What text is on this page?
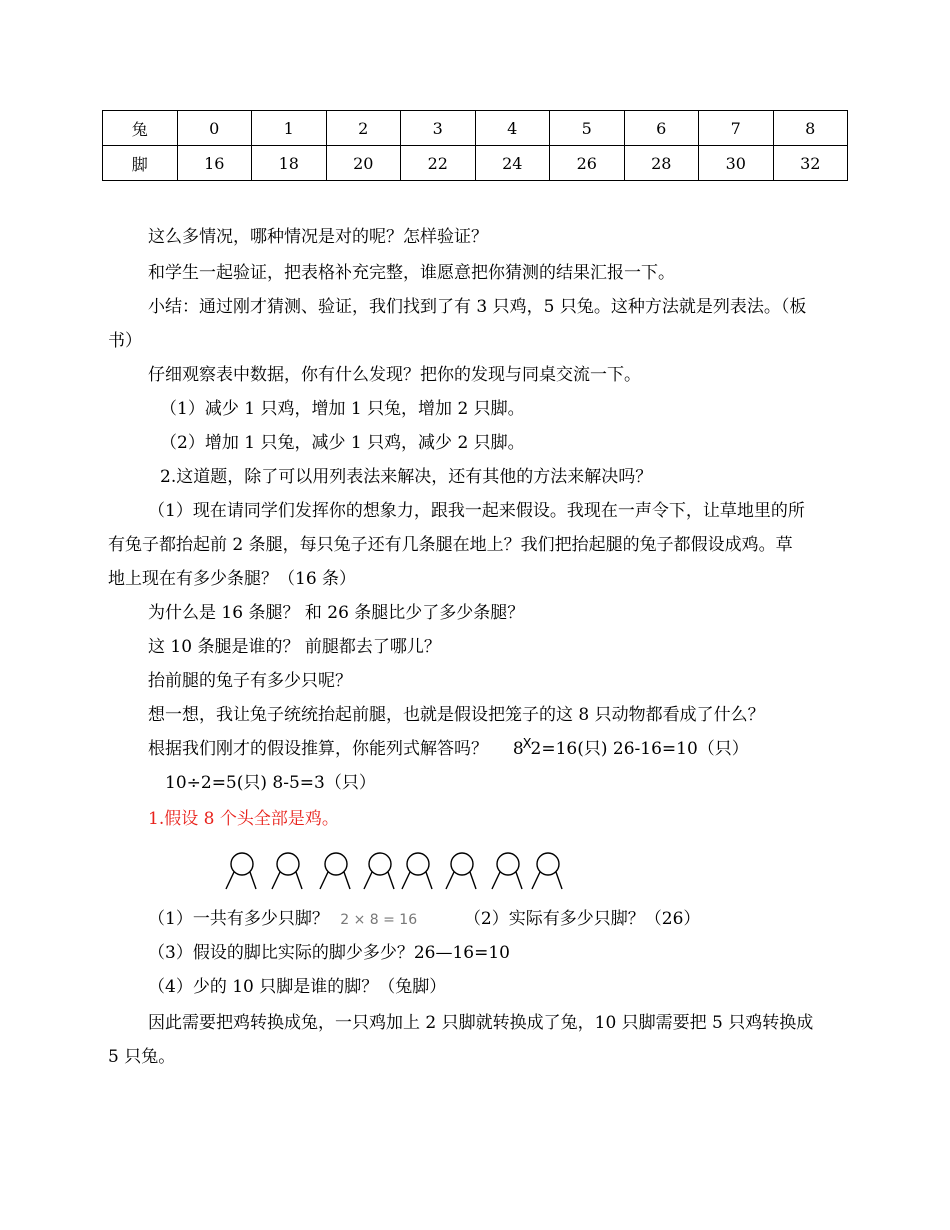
兔	0	1	2	3	4	5	6	7	8
脚	16	18	20	22	24	26	28	30	32
这么多情况，哪种情况是对的呢？怎样验证？
和学生一起验证，把表格补充完整，谁愿意把你猜测的结果汇报一下。
小结：通过刚才猜测、验证，我们找到了有 3 只鸡，5 只兔。这种方法就是列表法。（板
书）
仔细观察表中数据，你有什么发现？把你的发现与同桌交流一下。
（1）减少 1 只鸡，增加 1 只兔，增加 2 只脚。
（2）增加 1 只兔，减少 1 只鸡，减少 2 只脚。
2.这道题，除了可以用列表法来解决，还有其他的方法来解决吗？
（1）现在请同学们发挥你的想象力，跟我一起来假设。我现在一声令下，让草地里的所
有兔子都抬起前 2 条腿，每只兔子还有几条腿在地上？我们把抬起腿的兔子都假设成鸡。草
地上现在有多少条腿？（16 条）
为什么是 16 条腿？ 和 26 条腿比少了多少条腿？
这 10 条腿是谁的？ 前腿都去了哪儿？
抬前腿的兔子有多少只呢？
想一想，我让兔子统统抬起前腿，也就是假设把笼子的这 8 只动物都看成了什么？
根据我们刚才的假设推算，你能列式解答吗？ 8X2=16(只) 26-16=10（只）
10÷2=5(只) 8-5=3（只）
1.假设 8 个头全部是鸡。
（1）一共有多少只脚？ 2 × 8 = 16	（2）实际有多少只脚？（26）
（3）假设的脚比实际的脚少多少？26—16=10
（4）少的 10 只脚是谁的脚？（兔脚）
因此需要把鸡转换成兔，一只鸡加上 2 只脚就转换成了兔，10 只脚需要把 5 只鸡转换成
5 只兔。
